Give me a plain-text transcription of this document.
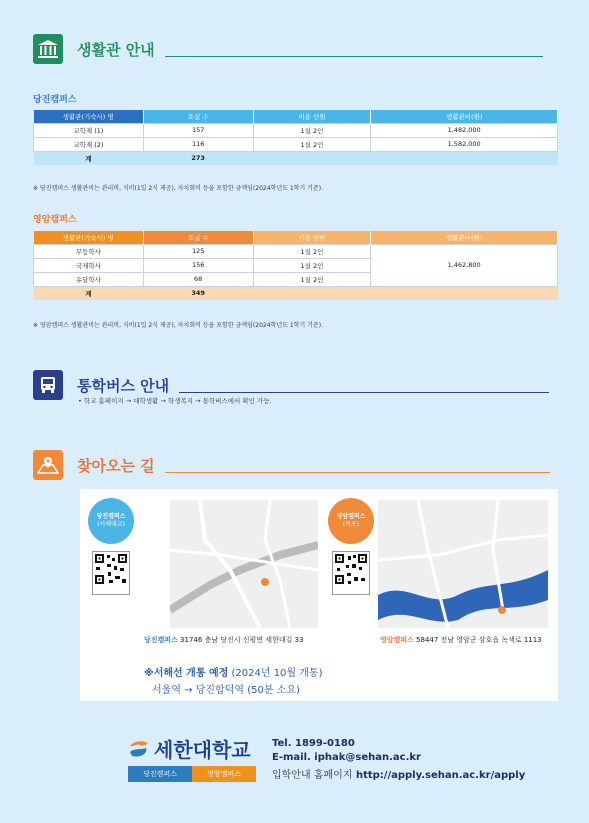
생활관 안내
당진캠퍼스
생활관(기숙사) 명	호실 수	이용 인원	생활관비(원)
교학재 (1)	157	1실 2인	1,482,000
교학재 (2)	116	1실 2인	1,582,000
계	273		
※ 당진캠퍼스 생활관비는 관리비, 식비(1일 2식 제공), 자치회비 등을 포함한 금액임(2024학년도 1학기 기준).
영암캠퍼스
생활관(기숙사) 명	호실 수	이용 인원	생활관비(원)
무등학사	125	1실 2인	1,462,800
국제학사	156	1실 2인	
유달학사	68	1실 2인	
계	349		
※ 영암캠퍼스 생활관비는 관리비, 식비(1일 2식 제공), 자치회비 등을 포함한 금액임(2024학년도 1학기 기준).
통학버스 안내
• 학교 홈페이지 → 대학생활 → 학생복지 → 통학버스에서 확인 가능.
찾아오는 길
당진캠퍼스
(서해대교)
당진캠퍼스 31746 충남 당진시 신평면 세한대길 33
영암캠퍼스
(목포)
영암캠퍼스 58447 전남 영암군 삼호읍 녹색로 1113
※서해선 개통 예정 (2024년 10월 개통)
서울역 → 당진합덕역 (50분 소요)
세한대학교
당진캠퍼스	영암캠퍼스
Tel. 1899-0180
E-mail. iphak@sehan.ac.kr
입학안내 홈페이지 http://apply.sehan.ac.kr/apply
